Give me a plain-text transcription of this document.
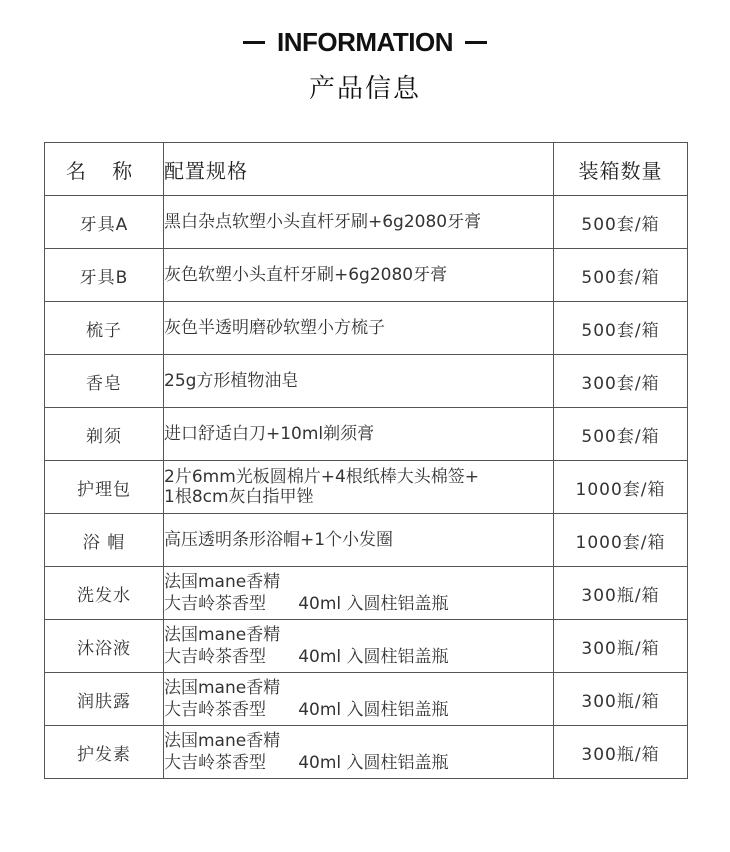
INFORMATION
产品信息
名 称	配置规格	装箱数量
牙具A	黑白杂点软塑小头直杆牙刷+6g2080牙膏	500套/箱
牙具B	灰色软塑小头直杆牙刷+6g2080牙膏	500套/箱
梳子	灰色半透明磨砂软塑小方梳子	500套/箱
香皂	25g方形植物油皂	300套/箱
剃须	进口舒适白刀+10ml剃须膏	500套/箱
护理包	2片6mm光板圆棉片+4根纸棒大头棉签+
1根8cm灰白指甲锉	1000套/箱
浴 帽	高压透明条形浴帽+1个小发圈	1000套/箱
洗发水	法国mane香精
大吉岭茶香型 40ml 入圆柱铝盖瓶	300瓶/箱
沐浴液	法国mane香精
大吉岭茶香型 40ml 入圆柱铝盖瓶	300瓶/箱
润肤露	法国mane香精
大吉岭茶香型 40ml 入圆柱铝盖瓶	300瓶/箱
护发素	法国mane香精
大吉岭茶香型 40ml 入圆柱铝盖瓶	300瓶/箱
